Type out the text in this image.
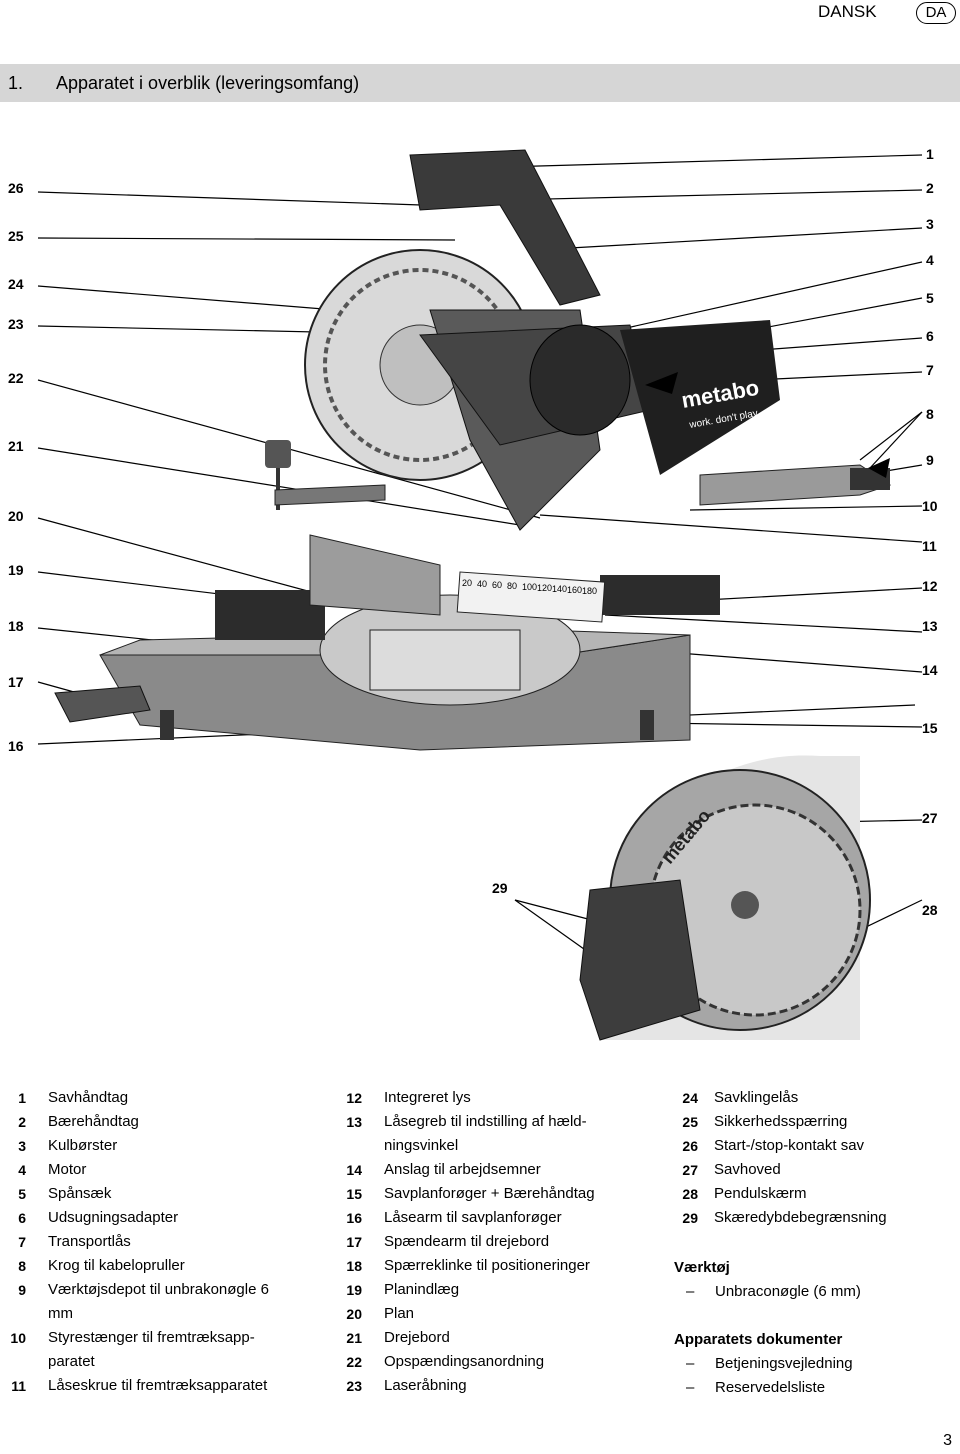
DANSK	DA
1. Apparatet i overblik (leveringsomfang)
20 40 60 80 100 120 140 160 180
metabo
work. don't play.
metabo
26
25
24
23
22
21
20
19
18
17
16
1
2
3
4
5
6
7
8
9
10
11
12
13
14
15
27
28
29
1 Savhåndtag
2 Bærehåndtag
3 Kulbørster
4 Motor
5 Spånsæk
6 Udsugningsadapter
7 Transportlås
8 Krog til kabelopruller
9 Værktøjsdepot til unbrakonøgle 6 mm
10 Styrestænger til fremtræksapp-paratet
11 Låseskrue til fremtræksapparatet
12 Integreret lys
13 Låsegreb til indstilling af hæld-ningsvinkel
14 Anslag til arbejdsemner
15 Savplanforøger + Bærehåndtag
16 Låsearm til savplanforøger
17 Spændearm til drejebord
18 Spærreklinke til positioneringer
19 Planindlæg
20 Plan
21 Drejebord
22 Opspændingsanordning
23 Laseråbning
24 Savklingelås
25 Sikkerhedsspærring
26 Start-/stop-kontakt sav
27 Savhoved
28 Pendulskærm
29 Skæredybdebegrænsning
Værktøj
– Unbraconøgle (6 mm)
Apparatets dokumenter
– Betjeningsvejledning
– Reservedelsliste
3
